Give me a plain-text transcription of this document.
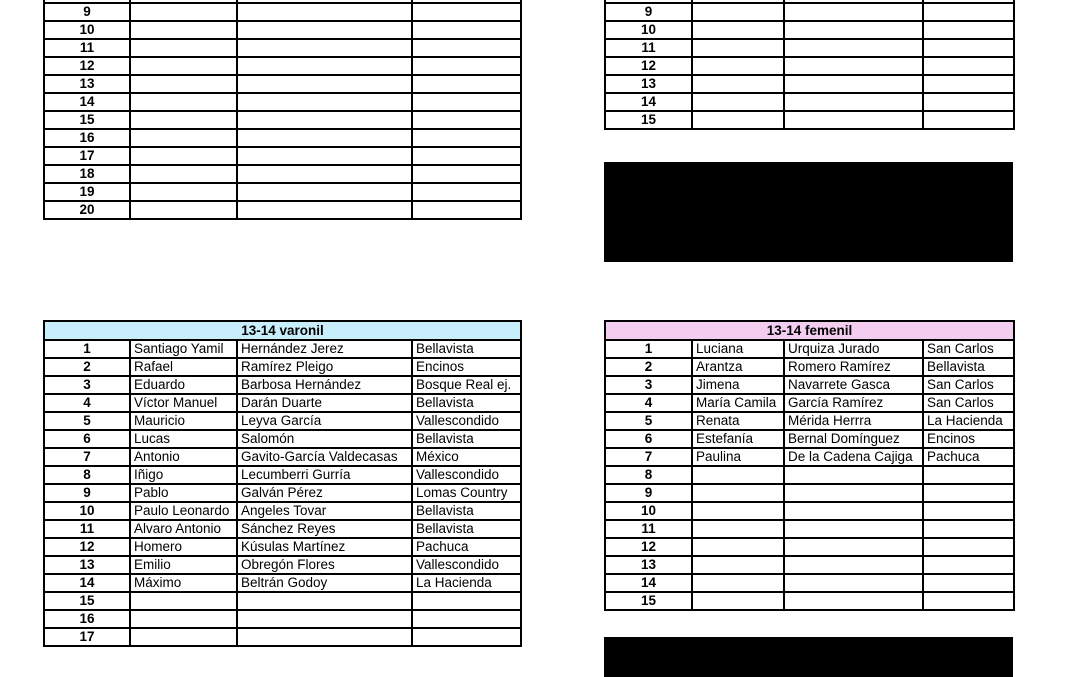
9			
10			
11			
12			
13			
14			
15			
16			
17			
18			
19			
20			

9			
10			
11			
12			
13			
14			
15			
13-14 varonil			
1	Santiago Yamil	Hernández Jerez	Bellavista
2	Rafael	Ramírez Pleigo	Encinos
3	Eduardo	Barbosa Hernández	Bosque Real ej.
4	Víctor Manuel	Darán Duarte	Bellavista
5	Mauricio	Leyva García	Vallescondido
6	Lucas	Salomón	Bellavista
7	Antonio	Gavito-García Valdecasas	México
8	Iñigo	Lecumberri Gurría	Vallescondido
9	Pablo	Galván Pérez	Lomas Country
10	Paulo Leonardo	Angeles Tovar	Bellavista
11	Alvaro Antonio	Sánchez Reyes	Bellavista
12	Homero	Kúsulas Martínez	Pachuca
13	Emilio	Obregón Flores	Vallescondido
14	Máximo	Beltrán Godoy	La Hacienda
15			
16			
17			
13-14 femenil			
1	Luciana	Urquiza Jurado	San Carlos
2	Arantza	Romero Ramírez	Bellavista
3	Jimena	Navarrete Gasca	San Carlos
4	María Camila	García Ramírez	San Carlos
5	Renata	Mérida Herrra	La Hacienda
6	Estefanía	Bernal Domínguez	Encinos
7	Paulina	De la Cadena Cajiga	Pachuca
8			
9			
10			
11			
12			
13			
14			
15			
